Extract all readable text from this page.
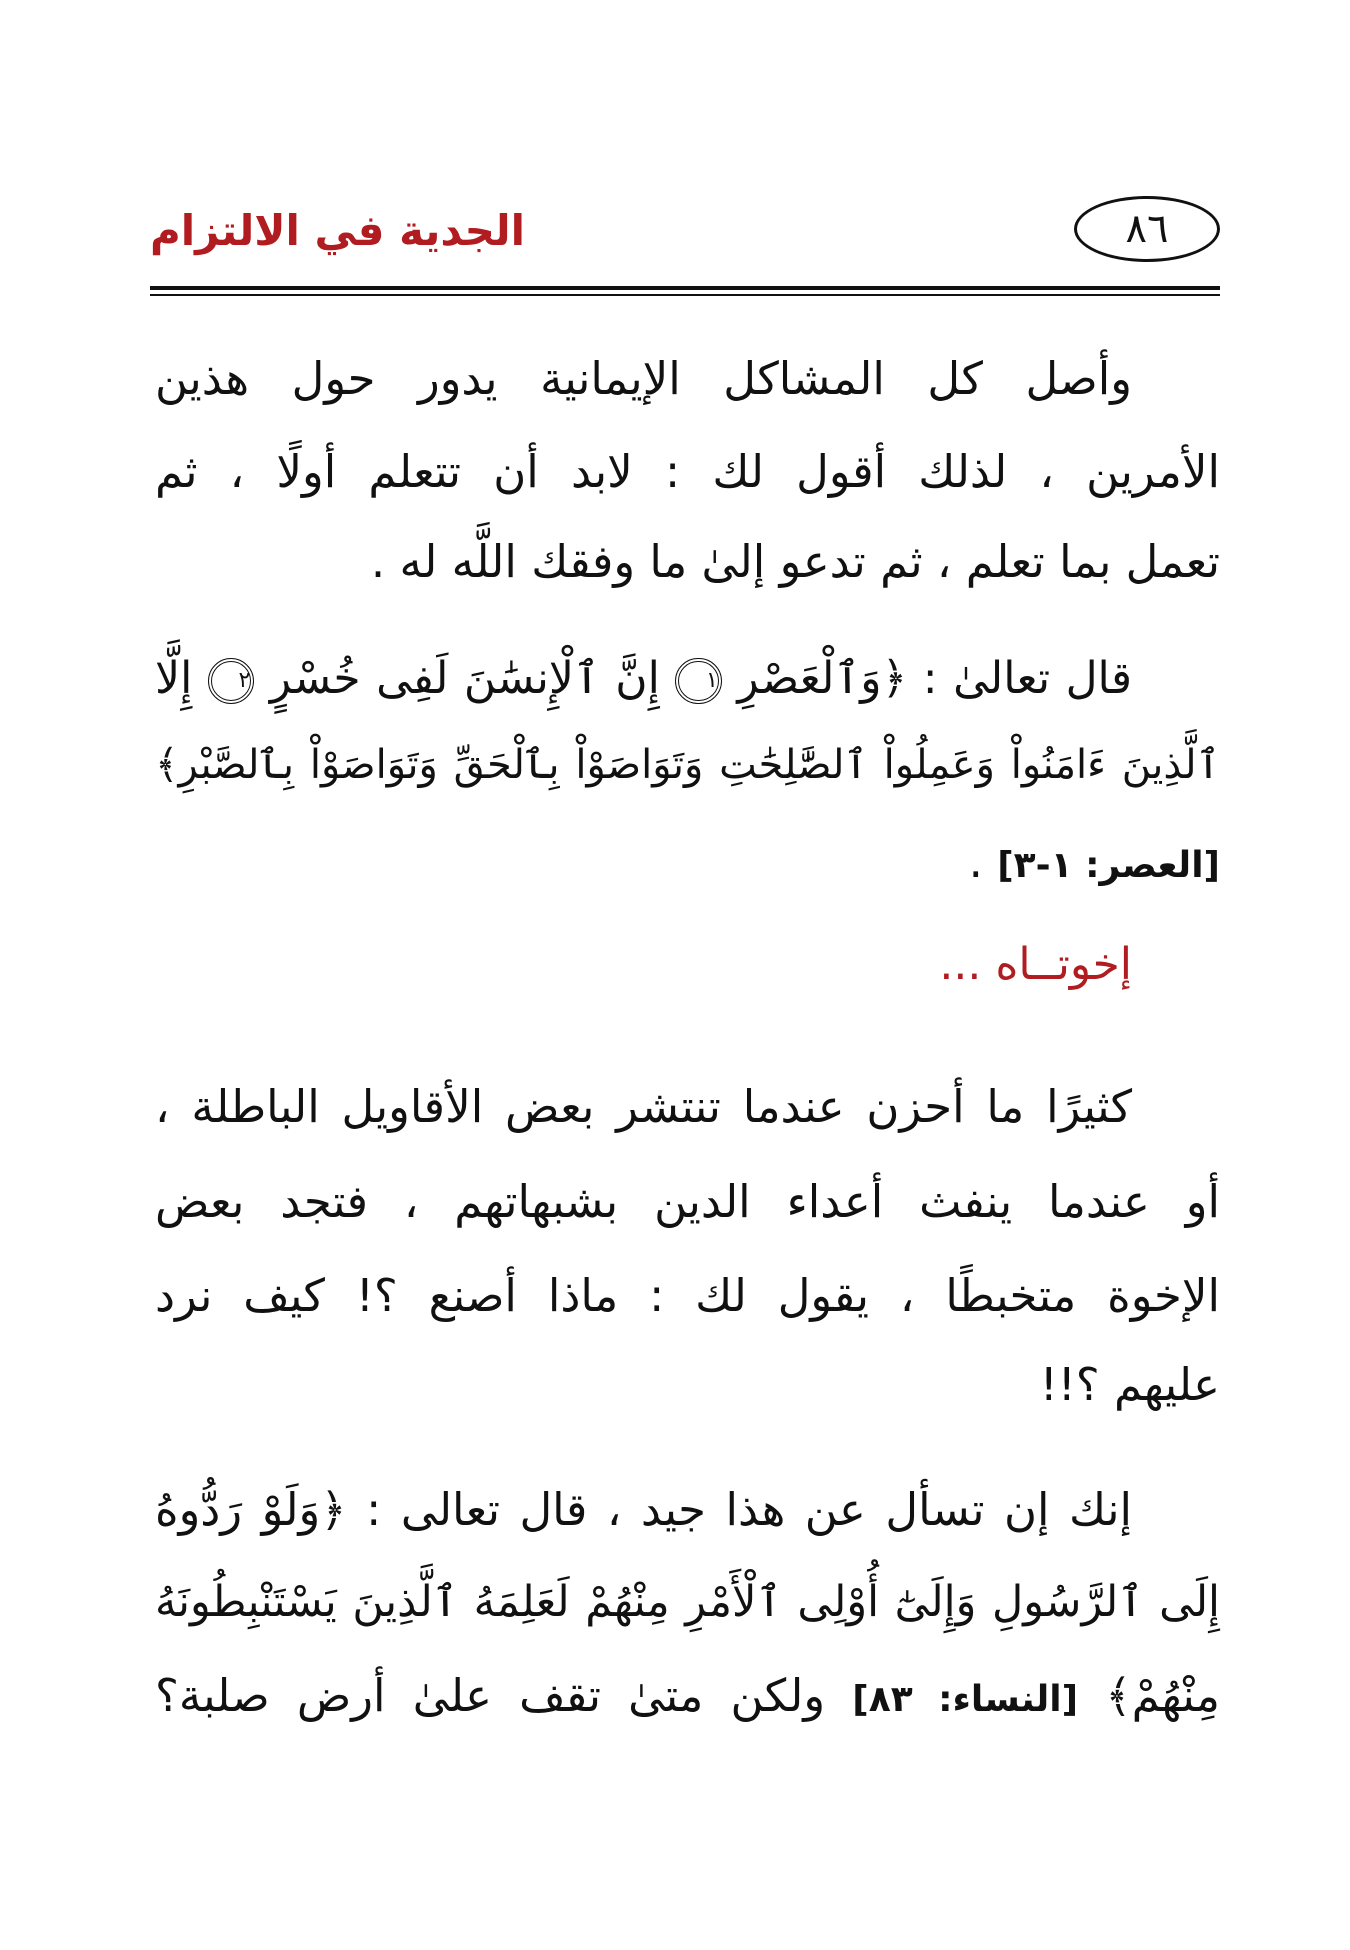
الجدية في الالتزام	٨٦
وأصل كل المشاكل الإيمانية يدور حول هذين
الأمرين ، لذلك أقول لك : لابد أن تتعلم أولًا ، ثم
تعمل بما تعلم ، ثم تدعو إلىٰ ما وفقك اللَّه له .
قال تعالىٰ : ﴿وَٱلْعَصْرِ ١ إِنَّ ٱلْإِنسَٰنَ لَفِى خُسْرٍ ٢ إِلَّا
ٱلَّذِينَ ءَامَنُواْ وَعَمِلُواْ ٱلصَّٰلِحَٰتِ وَتَوَاصَوْاْ بِٱلْحَقِّ وَتَوَاصَوْاْ بِٱلصَّبْرِ﴾
[العصر: ١-٣] .
إخوتــاه ...
كثيرًا ما أحزن عندما تنتشر بعض الأقاويل الباطلة ،
أو عندما ينفث أعداء الدين بشبهاتهم ، فتجد بعض
الإخوة متخبطًا ، يقول لك : ماذا أصنع ؟! كيف نرد
عليهم ؟!!
إنك إن تسأل عن هذا جيد ، قال تعالى : ﴿وَلَوْ رَدُّوهُ
إِلَى ٱلرَّسُولِ وَإِلَىٰٓ أُوْلِى ٱلْأَمْرِ مِنْهُمْ لَعَلِمَهُ ٱلَّذِينَ يَسْتَنْبِطُونَهُ
مِنْهُمْ﴾ [النساء: ٨٣] ولكن متىٰ تقف علىٰ أرض صلبة؟
